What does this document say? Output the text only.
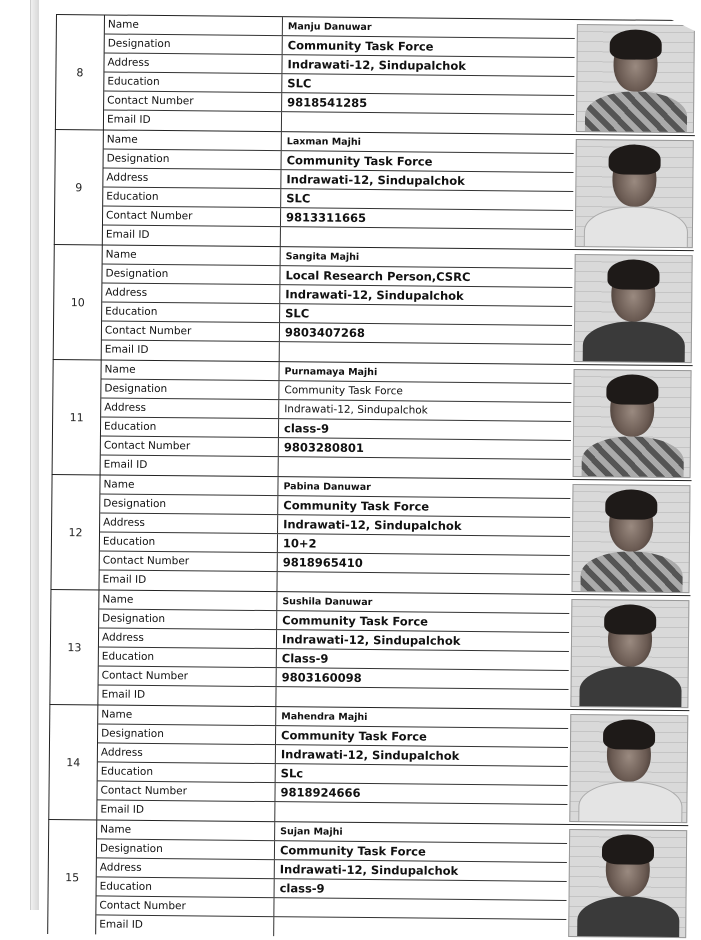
8
Name	Manju Danuwar
Designation	Community Task Force
Address	Indrawati-12, Sindupalchok
Education	SLC
Contact Number	9818541285
Email ID
9
Name	Laxman Majhi
Designation	Community Task Force
Address	Indrawati-12, Sindupalchok
Education	SLC
Contact Number	9813311665
Email ID
10
Name	Sangita Majhi
Designation	Local Research Person,CSRC
Address	Indrawati-12, Sindupalchok
Education	SLC
Contact Number	9803407268
Email ID
11
Name	Purnamaya Majhi
Designation	Community Task Force
Address	Indrawati-12, Sindupalchok
Education	class-9
Contact Number	9803280801
Email ID
12
Name	Pabina Danuwar
Designation	Community Task Force
Address	Indrawati-12, Sindupalchok
Education	10+2
Contact Number	9818965410
Email ID
13
Name	Sushila Danuwar
Designation	Community Task Force
Address	Indrawati-12, Sindupalchok
Education	Class-9
Contact Number	9803160098
Email ID
14
Name	Mahendra Majhi
Designation	Community Task Force
Address	Indrawati-12, Sindupalchok
Education	SLc
Contact Number	9818924666
Email ID
15
Name	Sujan Majhi
Designation	Community Task Force
Address	Indrawati-12, Sindupalchok
Education	class-9
Contact Number
Email ID
